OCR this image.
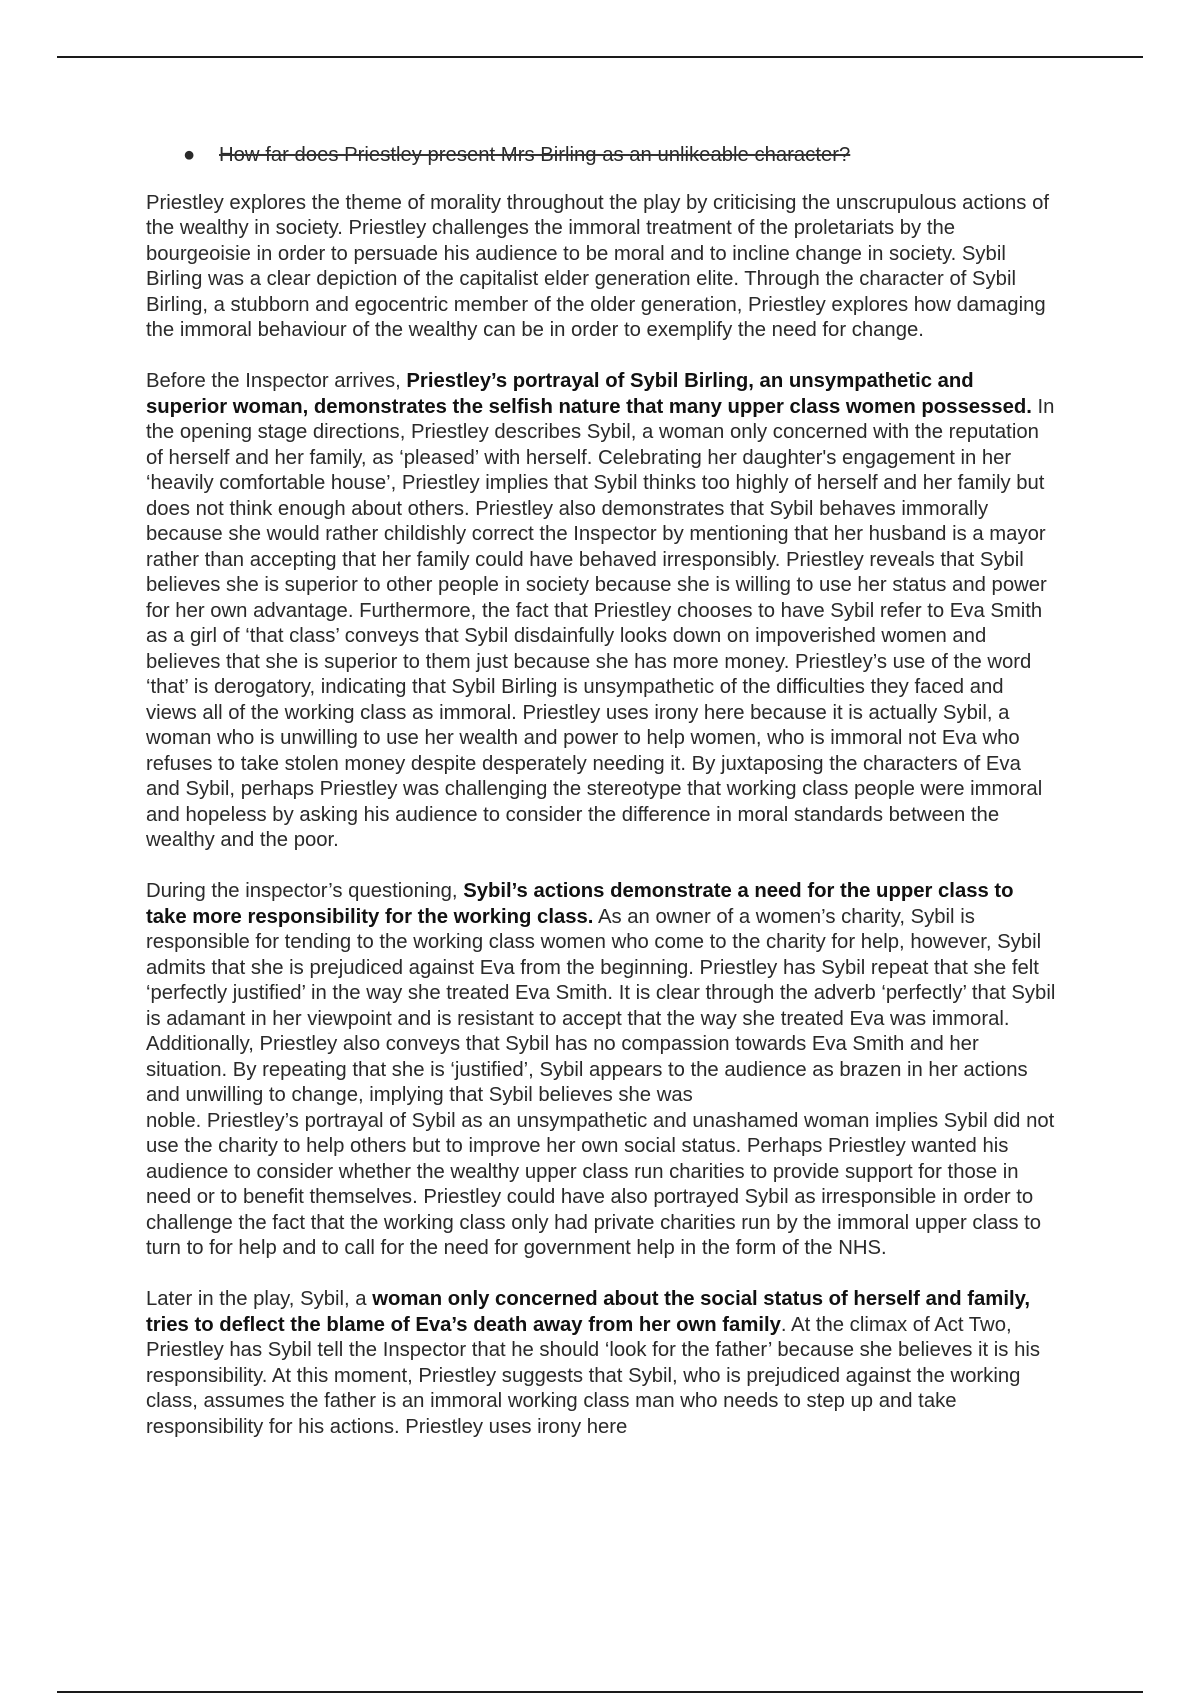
● How far does Priestley present Mrs Birling as an unlikeable character?

Priestley explores the theme of morality throughout the play by criticising the unscrupulous actions of the wealthy in society. Priestley challenges the immoral treatment of the proletariats by the bourgeoisie in order to persuade his audience to be moral and to incline change in society. Sybil Birling was a clear depiction of the capitalist elder generation elite. Through the character of Sybil Birling, a stubborn and egocentric member of the older generation, Priestley explores how damaging the immoral behaviour of the wealthy can be in order to exemplify the need for change.

Before the Inspector arrives, Priestley’s portrayal of Sybil Birling, an unsympathetic and superior woman, demonstrates the selfish nature that many upper class women possessed. In the opening stage directions, Priestley describes Sybil, a woman only concerned with the reputation of herself and her family, as ‘pleased’ with herself. Celebrating her daughter's engagement in her ‘heavily comfortable house’, Priestley implies that Sybil thinks too highly of herself and her family but does not think enough about others. Priestley also demonstrates that Sybil behaves immorally because she would rather childishly correct the Inspector by mentioning that her husband is a mayor rather than accepting that her family could have behaved irresponsibly. Priestley reveals that Sybil believes she is superior to other people in society because she is willing to use her status and power for her own advantage. Furthermore, the fact that Priestley chooses to have Sybil refer to Eva Smith as a girl of ‘that class’ conveys that Sybil disdainfully looks down on impoverished women and believes that she is superior to them just because she has more money. Priestley’s use of the word ‘that’ is derogatory, indicating that Sybil Birling is unsympathetic of the difficulties they faced and views all of the working class as immoral. Priestley uses irony here because it is actually Sybil, a woman who is unwilling to use her wealth and power to help women, who is immoral not Eva who refuses to take stolen money despite desperately needing it. By juxtaposing the characters of Eva and Sybil, perhaps Priestley was challenging the stereotype that working class people were immoral and hopeless by asking his audience to consider the difference in moral standards between the wealthy and the poor.

During the inspector’s questioning, Sybil’s actions demonstrate a need for the upper class to take more responsibility for the working class. As an owner of a women’s charity, Sybil is responsible for tending to the working class women who come to the charity for help, however, Sybil admits that she is prejudiced against Eva from the beginning. Priestley has Sybil repeat that she felt ‘perfectly justified’ in the way she treated Eva Smith. It is clear through the adverb ‘perfectly’ that Sybil is adamant in her viewpoint and is resistant to accept that the way she treated Eva was immoral. Additionally, Priestley also conveys that Sybil has no compassion towards Eva Smith and her situation. By repeating that she is ‘justified’, Sybil appears to the audience as brazen in her actions and unwilling to change, implying that Sybil believes she was
noble. Priestley’s portrayal of Sybil as an unsympathetic and unashamed woman implies Sybil did not use the charity to help others but to improve her own social status. Perhaps Priestley wanted his audience to consider whether the wealthy upper class run charities to provide support for those in need or to benefit themselves. Priestley could have also portrayed Sybil as irresponsible in order to challenge the fact that the working class only had private charities run by the immoral upper class to turn to for help and to call for the need for government help in the form of the NHS.

Later in the play, Sybil, a woman only concerned about the social status of herself and family, tries to deflect the blame of Eva’s death away from her own family. At the climax of Act Two, Priestley has Sybil tell the Inspector that he should ‘look for the father’ because she believes it is his responsibility. At this moment, Priestley suggests that Sybil, who is prejudiced against the working class, assumes the father is an immoral working class man who needs to step up and take responsibility for his actions. Priestley uses irony here
